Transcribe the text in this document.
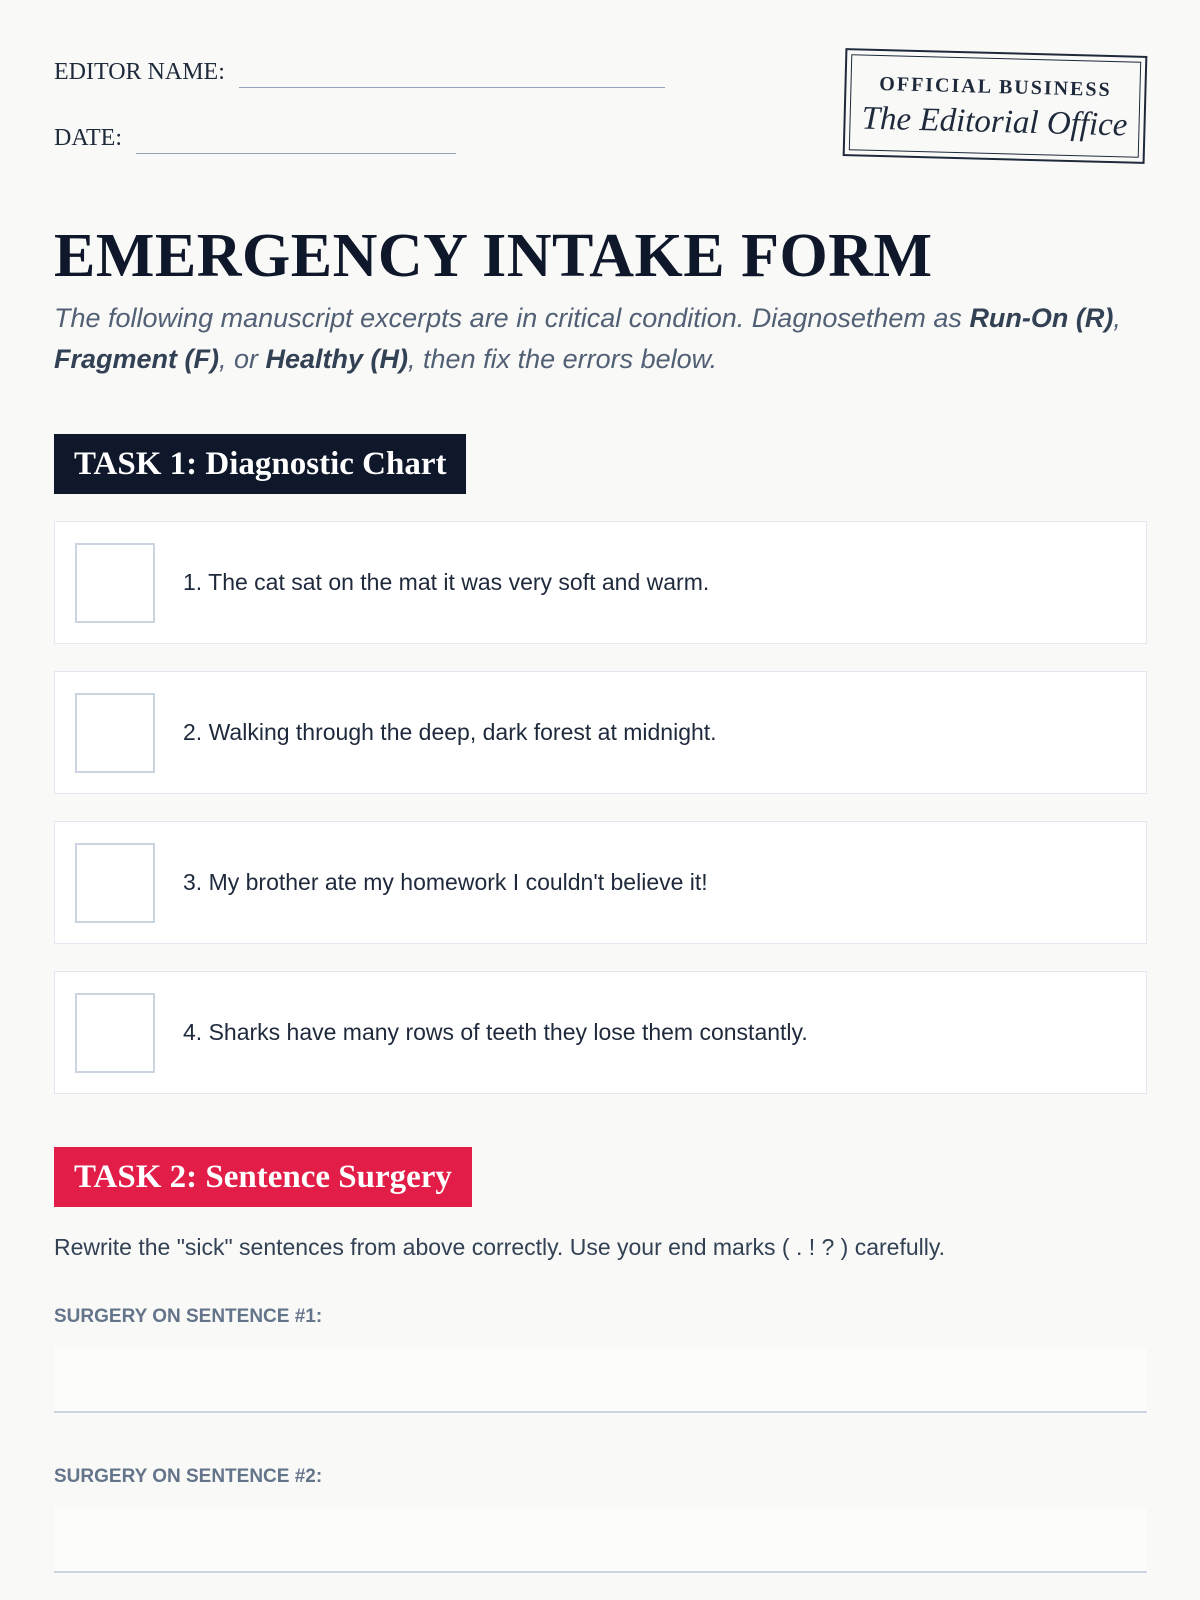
EDITOR NAME:
DATE:
OFFICIAL BUSINESS
The Editorial Office
EMERGENCY INTAKE FORM

The following manuscript excerpts are in critical condition. Diagnosethem as Run-On (R), Fragment (F), or Healthy (H), then fix the errors below.

TASK 1: Diagnostic Chart
1. The cat sat on the mat it was very soft and warm.
2. Walking through the deep, dark forest at midnight.
3. My brother ate my homework I couldn't believe it!
4. Sharks have many rows of teeth they lose them constantly.
TASK 2: Sentence Surgery
Rewrite the "sick" sentences from above correctly. Use your end marks ( . ! ? ) carefully.
SURGERY ON SENTENCE #1:
SURGERY ON SENTENCE #2:
